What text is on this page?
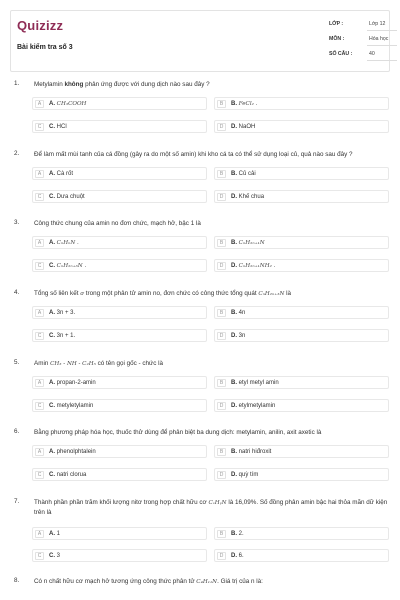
Quizizz
Bài kiểm tra số 3
LỚP :	Lớp 12
MÔN :	Hóa học
SỐ CÂU :	40
1. Metylamin không phản ứng được với dung dịch nào sau đây ?
A	A. CH₃COOH	B	B. FeCl₂ .
C	C. HCl	D	D. NaOH
2. Để làm mất mùi tanh của cá đồng (gây ra do một số amin) khi kho cá ta có thể sử dụng loại củ, quả nào sau đây ?
A	A. Cà rốt	B	B. Củ cải
C	C. Dưa chuột	D	D. Khế chua
3. Công thức chung của amin no đơn chức, mạch hở, bậc 1 là
A	A. CₙHₙN .	B	B. CₙH₂ₙ₊₁N
C	C. CₙH₂ₙ₊₃N .	D	D. CₙH₂ₙ₊₁NH₂ .
4. Tổng số liên kết σ trong một phân tử amin no, đơn chức có công thức tổng quát CₙH₂ₙ₊₃N là
A	A. 3n + 3.	B	B. 4n
C	C. 3n + 1.	D	D. 3n
5. Amin CH₃ - NH - C₂H₅ có tên gọi gốc - chức là
A	A. propan-2-amin	B	B. etyl metyl amin
C	C. metyletylamin	D	D. etylmetylamin
6. Bằng phương pháp hóa học, thuốc thử dùng để phân biệt ba dung dịch: metylamin, anilin, axit axetic là
A	A. phenolphtalein	B	B. natri hiđroxit
C	C. natri clorua	D	D. quỳ tím
7. Thành phần phần trăm khối lượng nitơ trong hợp chất hữu cơ CₓHᵧN là 16,09%. Số đồng phân amin bậc hai thỏa mãn dữ kiện trên là
A	A. 1	B	B. 2.
C	C. 3	D	D. 6.
8. Có n chất hữu cơ mạch hở tương ứng công thức phân tử C₄H₁₁N. Giá trị của n là:
